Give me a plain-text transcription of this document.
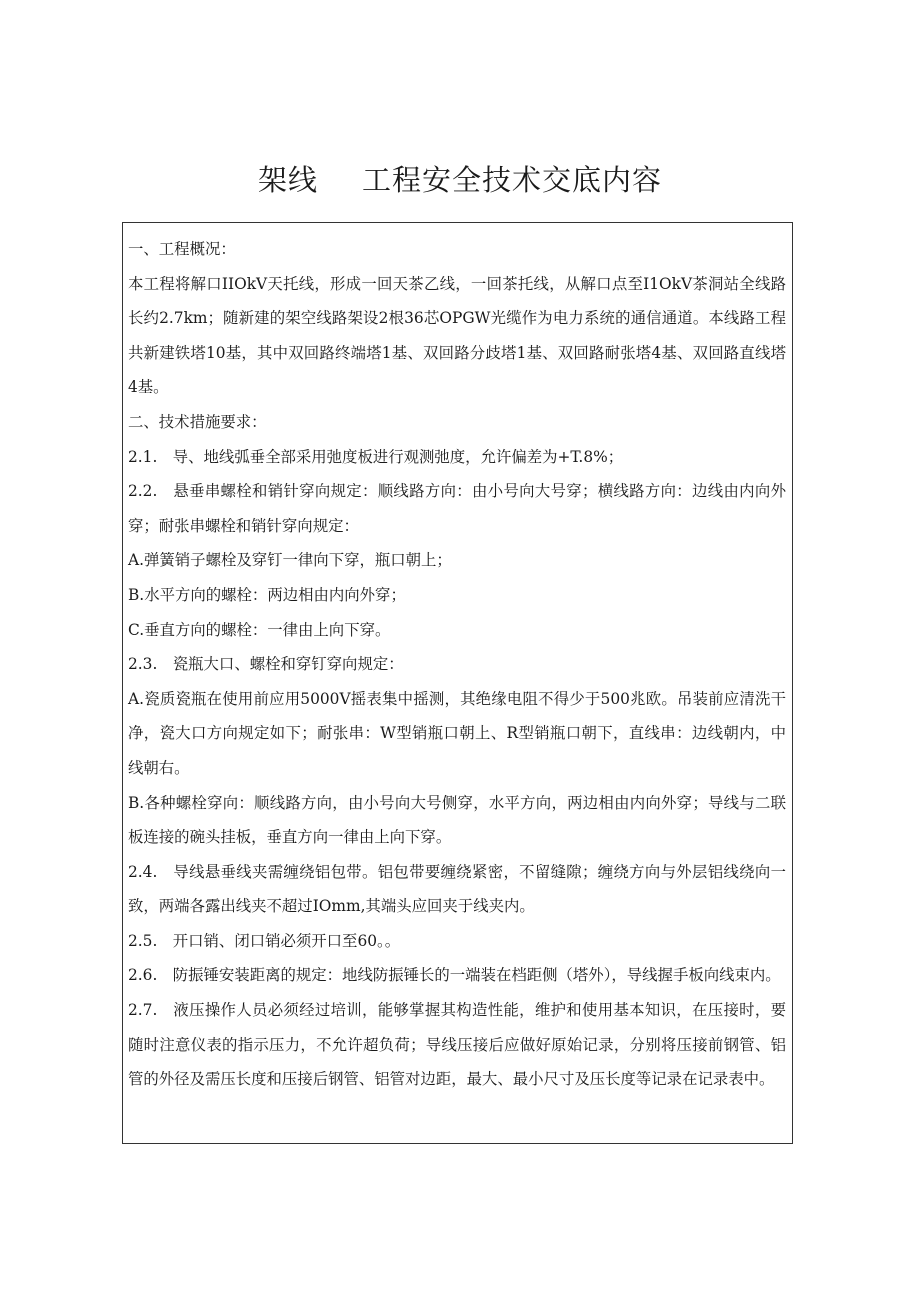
架线 工程安全技术交底内容

一、工程概况：

本工程将解口IIOkV天托线，形成一回天茶乙线，一回茶托线，从解口点至I1OkV茶洞站全线路长约2.7km；随新建的架空线路架设2根36芯OPGW光缆作为电力系统的通信通道。本线路工程共新建铁塔10基，其中双回路终端塔1基、双回路分歧塔1基、双回路耐张塔4基、双回路直线塔4基。

二、技术措施要求：

2.1.　导、地线弧垂全部采用弛度板进行观测弛度，允许偏差为+T.8%；

2.2.　悬垂串螺栓和销针穿向规定：顺线路方向：由小号向大号穿；横线路方向：边线由内向外穿；耐张串螺栓和销针穿向规定：

A.弹簧销子螺栓及穿钉一律向下穿，瓶口朝上；

B.水平方向的螺栓：两边相由内向外穿；

C.垂直方向的螺栓：一律由上向下穿。

2.3.　瓷瓶大口、螺栓和穿钉穿向规定：

A.瓷质瓷瓶在使用前应用5000V摇表集中摇测，其绝缘电阻不得少于500兆欧。吊装前应清洗干净，瓷大口方向规定如下；耐张串：W型销瓶口朝上、R型销瓶口朝下，直线串：边线朝内，中线朝右。

B.各种螺栓穿向：顺线路方向，由小号向大号侧穿，水平方向，两边相由内向外穿；导线与二联板连接的碗头挂板，垂直方向一律由上向下穿。

2.4.　导线悬垂线夹需缠绕铝包带。铝包带要缠绕紧密，不留缝隙；缠绕方向与外层铝线绕向一致，两端各露出线夹不超过IOmm,其端头应回夹于线夹内。

2.5.　开口销、闭口销必须开口至60。。

2.6.　防振锤安装距离的规定：地线防振锤长的一端装在档距侧（塔外），导线握手板向线束内。

2.7.　液压操作人员必须经过培训，能够掌握其构造性能，维护和使用基本知识，在压接时，要随时注意仪表的指示压力，不允许超负荷；导线压接后应做好原始记录，分别将压接前钢管、铝管的外径及需压长度和压接后钢管、铝管对边距，最大、最小尺寸及压长度等记录在记录表中。
